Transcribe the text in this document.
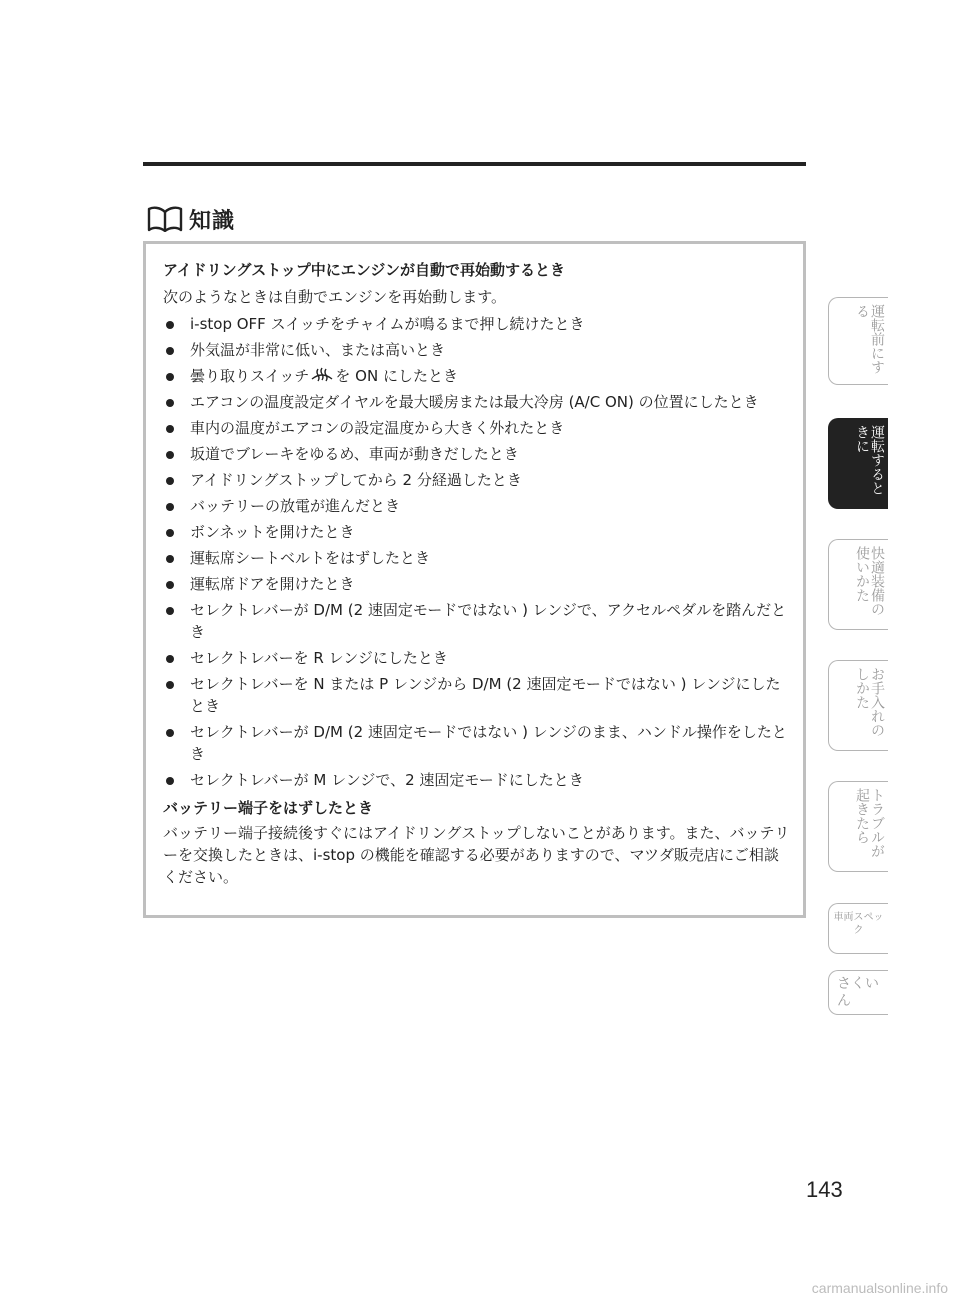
知識
アイドリングストップ中にエンジンが自動で再始動するとき
次のようなときは自動でエンジンを再始動します。
i-stop OFF スイッチをチャイムが鳴るまで押し続けたとき
外気温が非常に低い、または高いとき
曇り取りスイッチ を ON にしたとき
エアコンの温度設定ダイヤルを最大暖房または最大冷房 (A/C ON) の位置にしたとき
車内の温度がエアコンの設定温度から大きく外れたとき
坂道でブレーキをゆるめ、車両が動きだしたとき
アイドリングストップしてから 2 分経過したとき
バッテリーの放電が進んだとき
ボンネットを開けたとき
運転席シートベルトをはずしたとき
運転席ドアを開けたとき
セレクトレバーが D/M (2 速固定モードではない ) レンジで、アクセルペダルを踏んだとき
セレクトレバーを R レンジにしたとき
セレクトレバーを N または P レンジから D/M (2 速固定モードではない ) レンジにしたとき
セレクトレバーが D/M (2 速固定モードではない ) レンジのまま、ハンドル操作をしたとき
セレクトレバーが M レンジで、2 速固定モードにしたとき
バッテリー端子をはずしたとき
バッテリー端子接続後すぐにはアイドリングストップしないことがあります。また、バッテリーを交換したときは、i-stop の機能を確認する必要がありますので、マツダ販売店にご相談ください。
運転前にする
運転するときに
快適装備の使いかた
お手入れのしかた
トラブルが起きたら
車両スペック
さくいん
143
carmanualsonline.info
